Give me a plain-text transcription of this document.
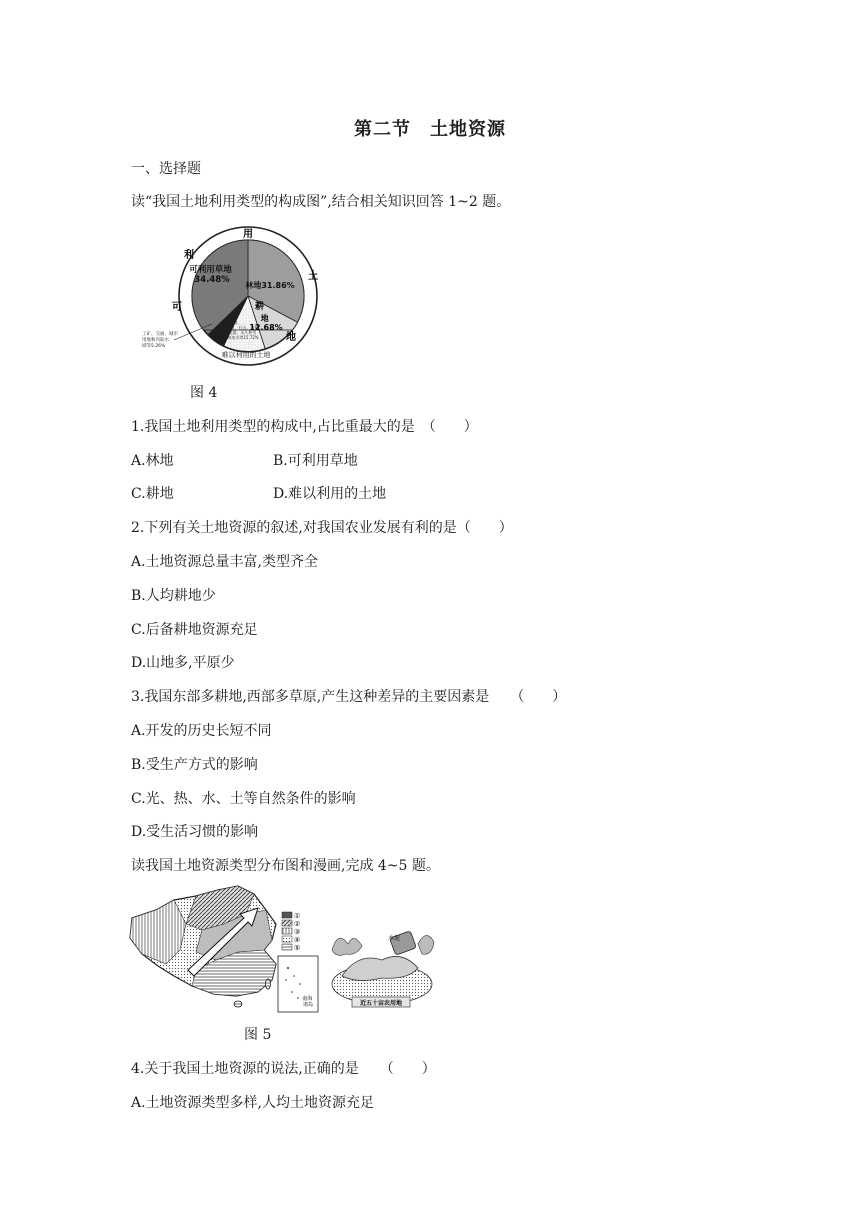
第二节　土地资源
一、选择题
读“我国土地利用类型的构成图”,结合相关知识回答 1~2 题。
用
土
地
利
可
可利用草地 34.48%
林地31.86%
耕
地 12.68%
沙漠、 戈壁、石山、高寒 荒漠、永久积雪 和冰川等15.72%
工矿、交通、城市 用地和内陆水 域等5.26%
难以利用的土地
图 4
1.我国土地利用类型的构成中,占比重最大的是　（　　）
A.林地	B.可利用草地
C.耕地	D.难以利用的土地
2.下列有关土地资源的叙述,对我国农业发展有利的是（　　）
A.土地资源总量丰富,类型齐全
B.人均耕地少
C.后备耕地资源充足
D.山地多,平原少
3.我国东部多耕地,西部多草原,产生这种差异的主要因素是　　（　　）
A.开发的历史长短不同
B.受生产方式的影响
C.光、热、水、土等自然条件的影响
D.受生活习惯的影响
读我国土地资源类型分布图和漫画,完成 4~5 题。
①
②
③
④
⑤
南海 诸岛
水泥
近五十亩农用地
图 5
4.关于我国土地资源的说法,正确的是　　（　　）
A.土地资源类型多样,人均土地资源充足
